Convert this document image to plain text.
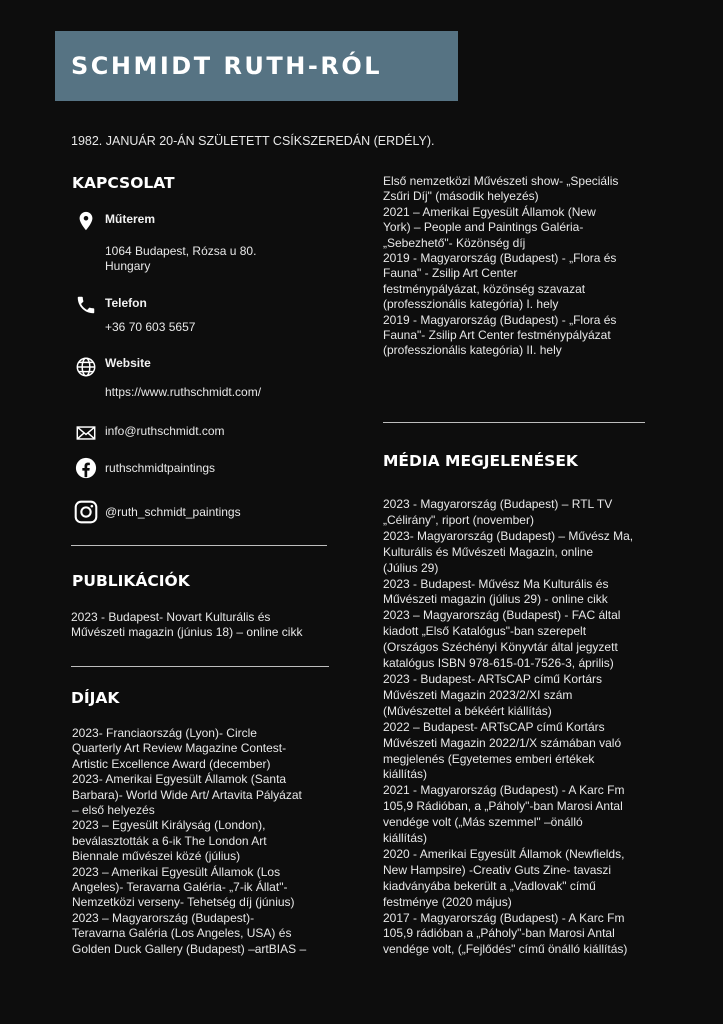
SCHMIDT RUTH-RÓL
1982. JANUÁR 20-ÁN SZÜLETETT CSÍKSZEREDÁN (ERDÉLY).
KAPCSOLAT
Műterem
1064 Budapest, Rózsa u 80.
Hungary
Telefon
+36 70 603 5657
Website
https://www.ruthschmidt.com/
info@ruthschmidt.com
ruthschmidtpaintings
@ruth_schmidt_paintings
PUBLIKÁCIÓK
2023 - Budapest- Novart Kulturális és
Művészeti magazin (június 18) – online cikk
DÍJAK
2023- Franciaország (Lyon)- Circle
Quarterly Art Review Magazine Contest-
Artistic Excellence Award (december)
2023- Amerikai Egyesült Államok (Santa
Barbara)- World Wide Art/ Artavita Pályázat
– első helyezés
2023 – Egyesült Királyság (London),
beválasztották a 6-ik The London Art
Biennale művészei közé (július)
2023 – Amerikai Egyesült Államok (Los
Angeles)- Teravarna Galéria- „7-ik Állat"-
Nemzetközi verseny- Tehetség díj (június)
2023 – Magyarország (Budapest)-
Teravarna Galéria (Los Angeles, USA) és
Golden Duck Gallery (Budapest) –artBIAS –
Első nemzetközi Művészeti show- „Speciális
Zsűri Díj" (második helyezés)
2021 – Amerikai Egyesült Államok (New
York) – People and Paintings Galéria-
„Sebezhető"- Közönség díj
2019 - Magyarország (Budapest) - „Flora és
Fauna" - Zsilip Art Center
festménypályázat, közönség szavazat
(professzionális kategória) I. hely
2019 - Magyarország (Budapest) - „Flora és
Fauna"- Zsilip Art Center festménypályázat
(professzionális kategória) II. hely
MÉDIA MEGJELENÉSEK
2023 - Magyarország (Budapest) – RTL TV
„Célirány", riport (november)
2023- Magyarország (Budapest) – Művész Ma,
Kulturális és Művészeti Magazin, online
(Július 29)
2023 - Budapest- Művész Ma Kulturális és
Művészeti magazin (július 29) - online cikk
2023 – Magyarország (Budapest) - FAC által
kiadott „Első Katalógus"-ban szerepelt
(Országos Széchényi Könyvtár által jegyzett
katalógus ISBN 978-615-01-7526-3, április)
2023 - Budapest- ARTsCAP című Kortárs
Művészeti Magazin 2023/2/XI szám
(Művészettel a békéért kiállítás)
2022 – Budapest- ARTsCAP című Kortárs
Művészeti Magazin 2022/1/X számában való
megjelenés (Egyetemes emberi értékek
kiállítás)
2021 - Magyarország (Budapest) - A Karc Fm
105,9 Rádióban, a „Páholy"-ban Marosi Antal
vendége volt („Más szemmel" –önálló
kiállítás)
2020 - Amerikai Egyesült Államok (Newfields,
New Hampsire) -Creativ Guts Zine- tavaszi
kiadványába bekerült a „Vadlovak" című
festménye (2020 május)
2017 - Magyarország (Budapest) - A Karc Fm
105,9 rádióban a „Páholy"-ban Marosi Antal
vendége volt, („Fejlődés" című önálló kiállítás)
